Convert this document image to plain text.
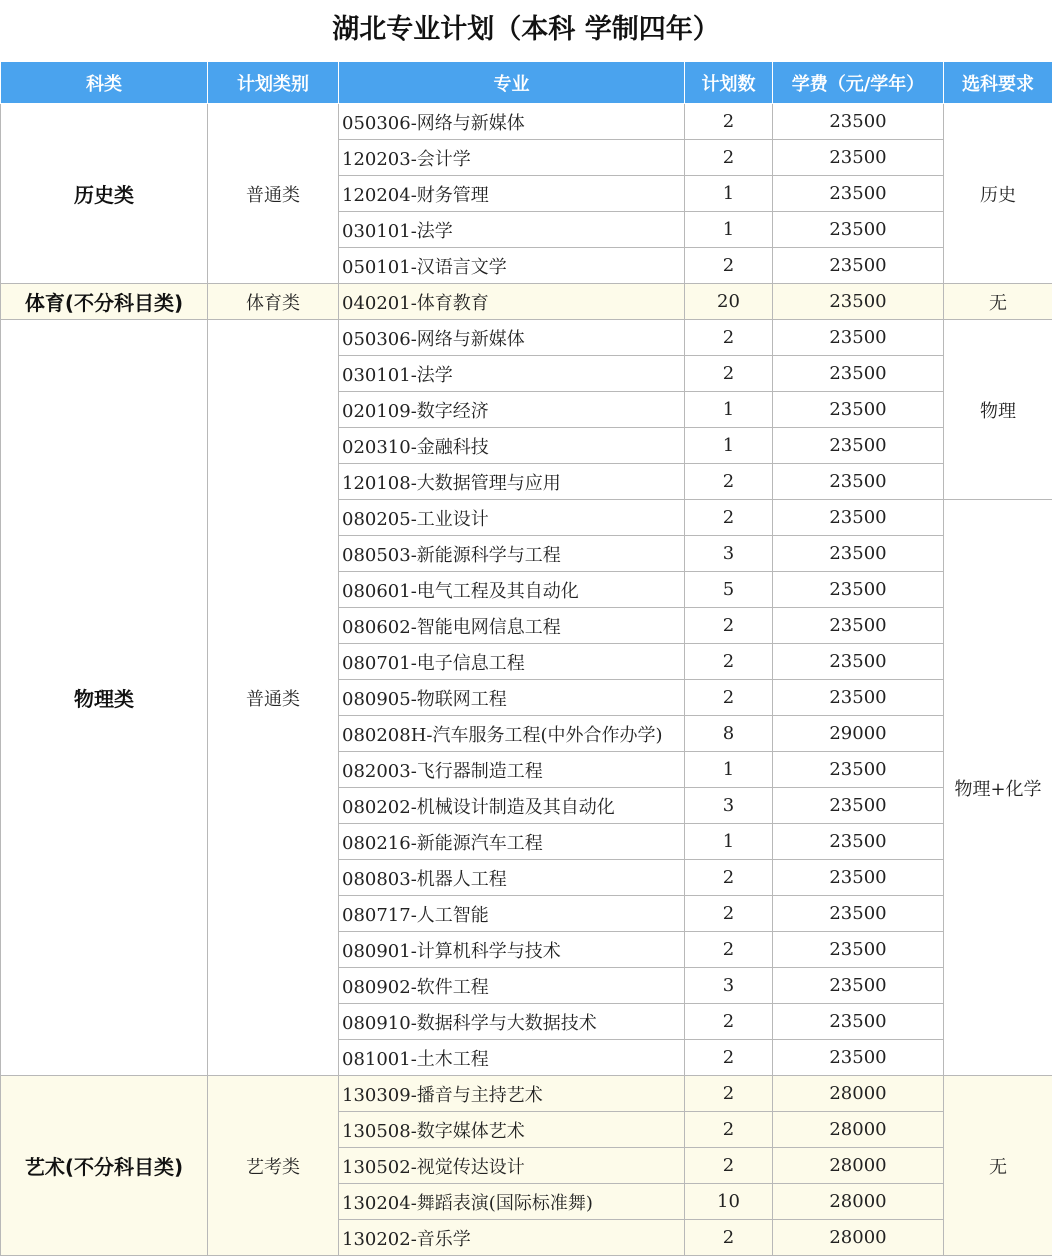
湖北专业计划（本科 学制四年）
科类	计划类别	专业	计划数	学费（元/学年）	选科要求
历史类	普通类	050306-网络与新媒体	2	23500	历史
		120203-会计学	2	23500	
		120204-财务管理	1	23500	
		030101-法学	1	23500	
		050101-汉语言文学	2	23500	
体育(不分科目类)	体育类	040201-体育教育	20	23500	无
物理类	普通类	050306-网络与新媒体	2	23500	物理
		030101-法学	2	23500	
		020109-数字经济	1	23500	
		020310-金融科技	1	23500	
		120108-大数据管理与应用	2	23500	
		080205-工业设计	2	23500	物理+化学
		080503-新能源科学与工程	3	23500	
		080601-电气工程及其自动化	5	23500	
		080602-智能电网信息工程	2	23500	
		080701-电子信息工程	2	23500	
		080905-物联网工程	2	23500	
		080208H-汽车服务工程(中外合作办学)	8	29000	
		082003-飞行器制造工程	1	23500	
		080202-机械设计制造及其自动化	3	23500	
		080216-新能源汽车工程	1	23500	
		080803-机器人工程	2	23500	
		080717-人工智能	2	23500	
		080901-计算机科学与技术	2	23500	
		080902-软件工程	3	23500	
		080910-数据科学与大数据技术	2	23500	
		081001-土木工程	2	23500	
艺术(不分科目类)	艺考类	130309-播音与主持艺术	2	28000	无
		130508-数字媒体艺术	2	28000	
		130502-视觉传达设计	2	28000	
		130204-舞蹈表演(国际标准舞)	10	28000	
		130202-音乐学	2	28000	
